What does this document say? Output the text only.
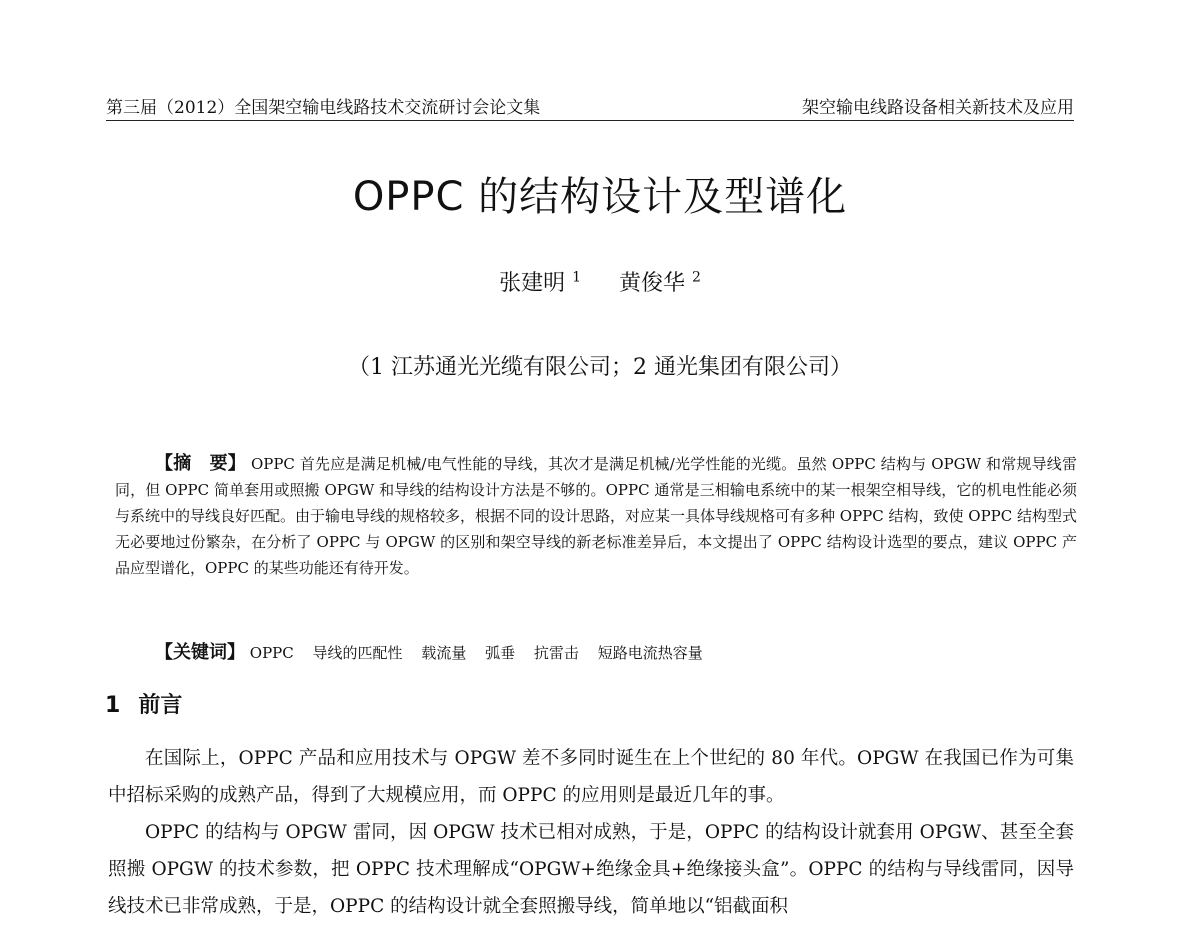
第三届（2012）全国架空输电线路技术交流研讨会论文集	架空输电线路设备相关新技术及应用
OPPC 的结构设计及型谱化
张建明 $^1$ 黄俊华 $^2$
（1 江苏通光光缆有限公司；2 通光集团有限公司）

【摘　要】 OPPC 首先应是满足机械/电气性能的导线，其次才是满足机械/光学性能的光缆。虽然 OPPC 结构与 OPGW 和常规导线雷同，但 OPPC 简单套用或照搬 OPGW 和导线的结构设计方法是不够的。OPPC 通常是三相输电系统中的某一根架空相导线，它的机电性能必须与系统中的导线良好匹配。由于输电导线的规格较多，根据不同的设计思路，对应某一具体导线规格可有多种 OPPC 结构，致使 OPPC 结构型式无必要地过份繁杂，在分析了 OPPC 与 OPGW 的区别和架空导线的新老标准差异后，本文提出了 OPPC 结构设计选型的要点，建议 OPPC 产品应型谱化，OPPC 的某些功能还有待开发。

【关键词】 OPPC 导线的匹配性 载流量 弧垂 抗雷击 短路电流热容量
1 前言

在国际上，OPPC 产品和应用技术与 OPGW 差不多同时诞生在上个世纪的 80 年代。OPGW 在我国已作为可集中招标采购的成熟产品，得到了大规模应用，而 OPPC 的应用则是最近几年的事。

OPPC 的结构与 OPGW 雷同，因 OPGW 技术已相对成熟，于是，OPPC 的结构设计就套用 OPGW、甚至全套照搬 OPGW 的技术参数，把 OPPC 技术理解成“OPGW+绝缘金具+绝缘接头盒”。OPPC 的结构与导线雷同，因导线技术已非常成熟，于是，OPPC 的结构设计就全套照搬导线，简单地以“铝截面积
